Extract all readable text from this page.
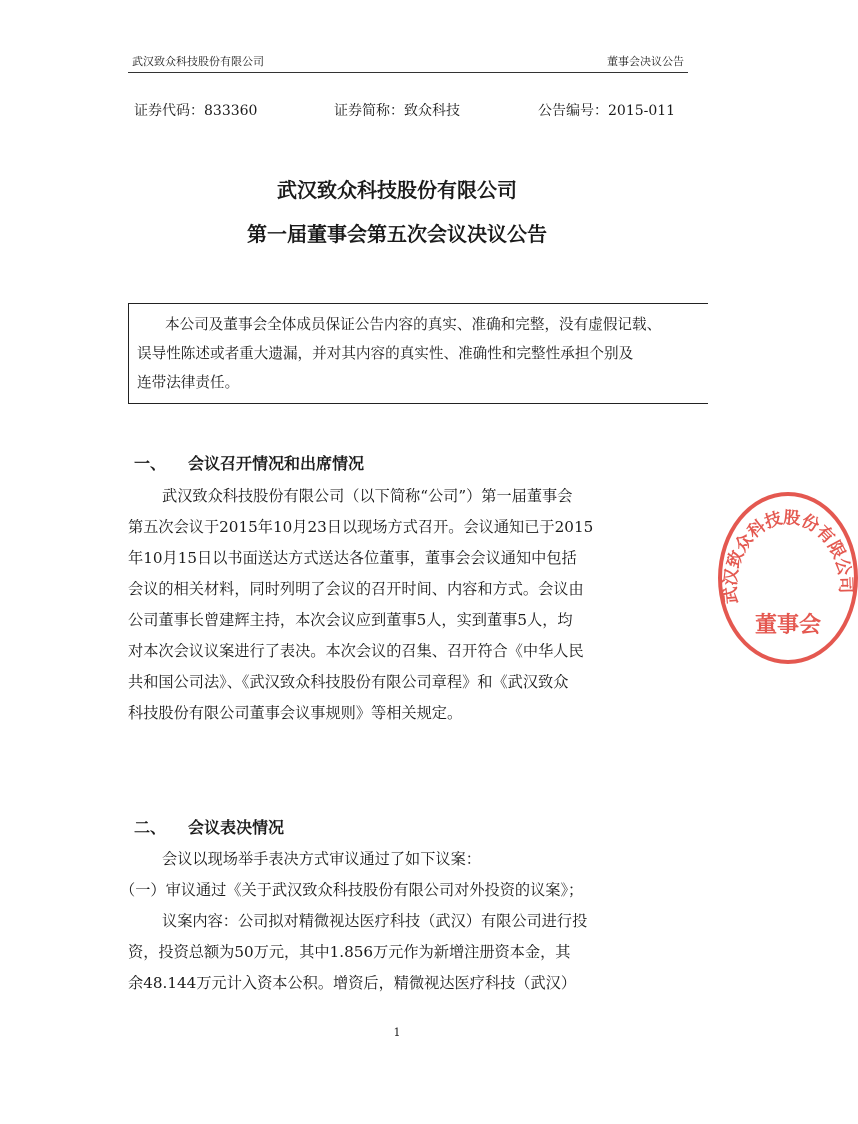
武汉致众科技股份有限公司	董事会决议公告
证券代码：833360	证券简称：致众科技	公告编号：2015-011
武汉致众科技股份有限公司
第一届董事会第五次会议决议公告
本公司及董事会全体成员保证公告内容的真实、准确和完整，没有虚假记载、
误导性陈述或者重大遗漏，并对其内容的真实性、准确性和完整性承担个别及
连带法律责任。
一、 会议召开情况和出席情况
武汉致众科技股份有限公司（以下简称“公司”）第一届董事会
第五次会议于2015年10月23日以现场方式召开。会议通知已于2015
年10月15日以书面送达方式送达各位董事，董事会会议通知中包括
会议的相关材料，同时列明了会议的召开时间、内容和方式。会议由
公司董事长曾建辉主持，本次会议应到董事5人，实到董事5人，均
对本次会议议案进行了表决。本次会议的召集、召开符合《中华人民
共和国公司法》、《武汉致众科技股份有限公司章程》和《武汉致众
科技股份有限公司董事会议事规则》等相关规定。
二、 会议表决情况
会议以现场举手表决方式审议通过了如下议案：
（一）审议通过《关于武汉致众科技股份有限公司对外投资的议案》；
议案内容：公司拟对精微视达医疗科技（武汉）有限公司进行投
资，投资总额为50万元，其中1.856万元作为新增注册资本金，其
余48.144万元计入资本公积。增资后，精微视达医疗科技（武汉）
1
武汉致众科技股份有限公司
董事会
